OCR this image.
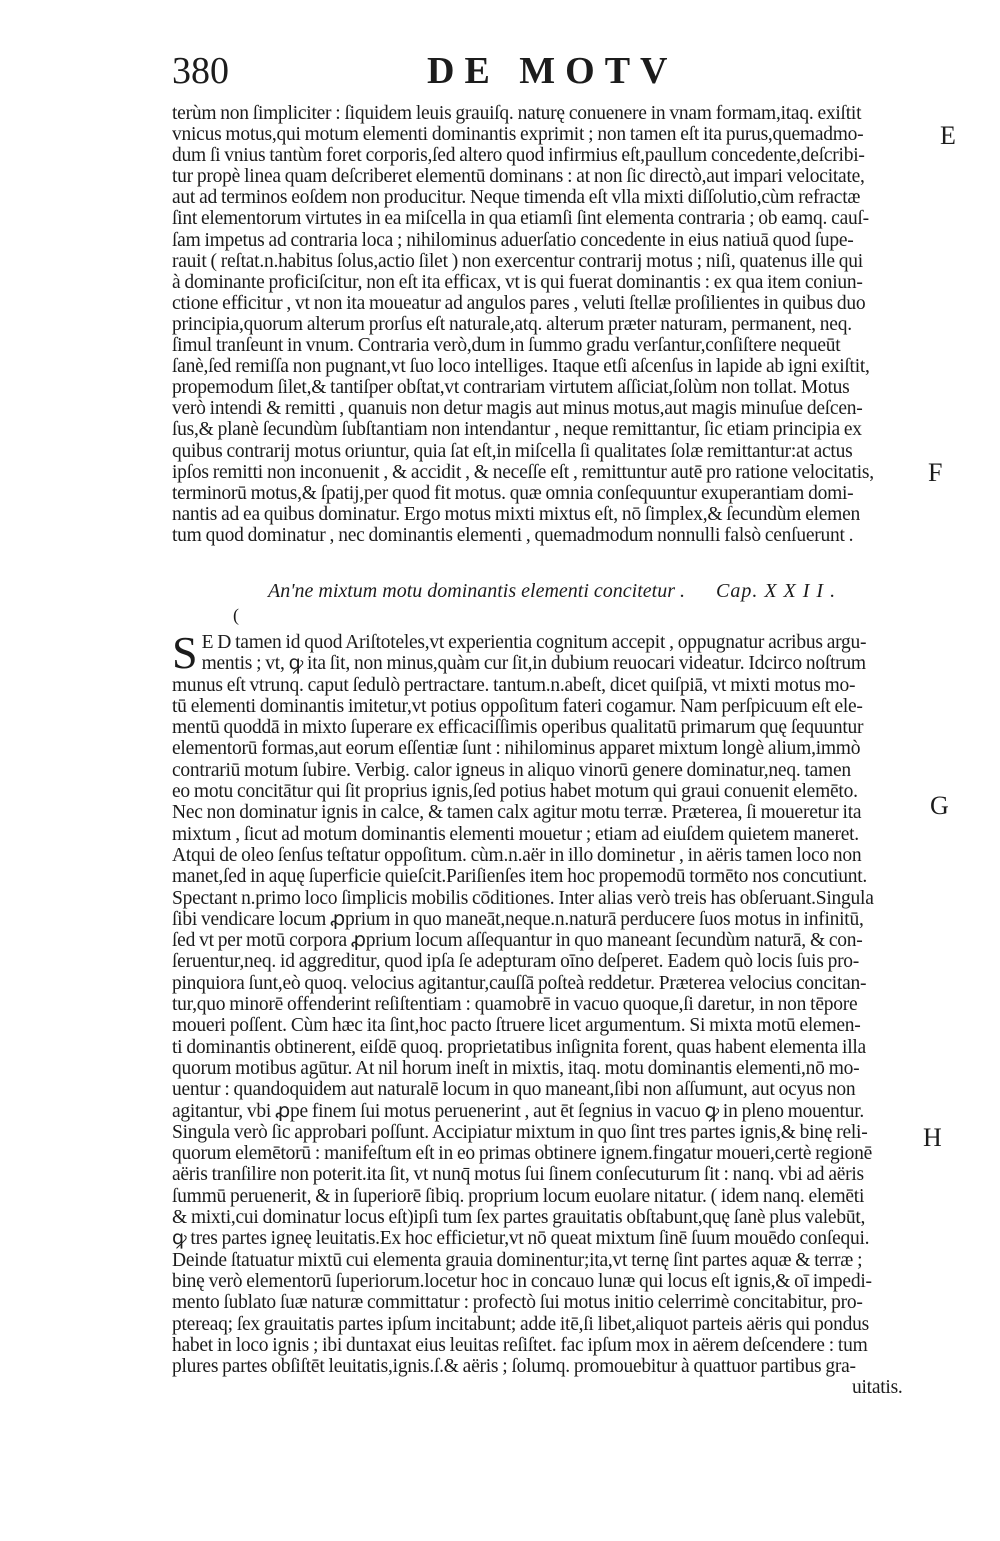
380	DE MOTV
terùm non ſimpliciter : ſiquidem leuis grauiſq. naturę conuenere in vnam formam,itaq. exiſtit
vnicus motus,qui motum elementi dominantis exprimit ; non tamen eſt ita purus,quemadmo-
dum ſi vnius tantùm foret corporis,ſed altero quod infirmius eſt,paullum concedente,deſcribi-
tur propè linea quam deſcriberet elementū dominans : at non ſic directò,aut impari velocitate,
aut ad terminos eoſdem non producitur. Neque timenda eſt vlla mixti diſſolutio,cùm refractæ
ſint elementorum virtutes in ea miſcella in qua etiamſi ſint elementa contraria ; ob eamq. cauſ-
ſam impetus ad contraria loca ; nihilominus aduerſatio concedente in eius natiuā quod ſupe-
rauit ( reſtat.n.habitus ſolus,actio ſilet ) non exercentur contrarij motus ; niſi, quatenus ille qui
à dominante proficiſcitur, non eſt ita efficax, vt is qui fuerat dominantis : ex qua item coniun-
ctione efficitur , vt non ita moueatur ad angulos pares , veluti ſtellæ proſilientes in quibus duo
principia,quorum alterum prorſus eſt naturale,atq. alterum præter naturam, permanent, neq.
ſimul tranſeunt in vnum. Contraria verò,dum in ſummo gradu verſantur,conſiſtere nequeūt
ſanè,ſed remiſſa non pugnant,vt ſuo loco intelliges. Itaque etſi aſcenſus in lapide ab igni exiſtit,
propemodum ſilet,& tantiſper obſtat,vt contrariam virtutem aſſiciat,ſolùm non tollat. Motus
verò intendi & remitti , quanuis non detur magis aut minus motus,aut magis minuſue deſcen-
ſus,& planè ſecundùm ſubſtantiam non intendantur , neque remittantur, ſic etiam principia ex
quibus contrarij motus oriuntur, quia ſat eſt,in miſcella ſi qualitates ſolæ remittantur:at actus
ipſos remitti non inconuenit , & accidit , & neceſſe eſt , remittuntur autē pro ratione velocitatis,
terminorū motus,& ſpatij,per quod fit motus. quæ omnia conſequuntur exuperantiam domi-
nantis ad ea quibus dominatur. Ergo motus mixti mixtus eſt, nō ſimplex,& ſecundùm elemen
tum quod dominatur , nec dominantis elementi , quemadmodum nonnulli falsò cenſuerunt .
An'ne mixtum motu dominantis elementi concitetur . Cap. X X I I .
(
S E D tamen id quod Ariſtoteles,vt experientia cognitum accepit , oppugnatur acribus argu-
mentis ; vt, ꝙ ita ſit, non minus,quàm cur ſit,in dubium reuocari videatur. Idcirco noſtrum
munus eſt vtrunq. caput ſedulò pertractare. tantum.n.abeſt, dicet quiſpiā, vt mixti motus mo-
tū elementi dominantis imitetur,vt potius oppoſitum fateri cogamur. Nam perſpicuum eſt ele-
mentū quoddā in mixto ſuperare ex efficaciſſimis operibus qualitatū primarum quę ſequuntur
elementorū formas,aut eorum eſſentiæ ſunt : nihilominus apparet mixtum longè alium,immò
contrariū motum ſubire. Verbig. calor igneus in aliquo vinorū genere dominatur,neq. tamen
eo motu concitātur qui ſit proprius ignis,ſed potius habet motum qui graui conuenit elemēto.
Nec non dominatur ignis in calce, & tamen calx agitur motu terræ. Præterea, ſi moueretur ita
mixtum , ſicut ad motum dominantis elementi mouetur ; etiam ad eiuſdem quietem maneret.
Atqui de oleo ſenſus teſtatur oppoſitum. cùm.n.aër in illo dominetur , in aëris tamen loco non
manet,ſed in aquę ſuperficie quieſcit.Pariſienſes item hoc propemodū tormēto nos concutiunt.
Spectant n.primo loco ſimplicis mobilis cōditiones. Inter alias verò treis has obſeruant.Singula
ſibi vendicare locum ꝓprium in quo maneāt,neque.n.naturā perducere ſuos motus in infinitū,
ſed vt per motū corpora ꝓprium locum aſſequantur in quo maneant ſecundùm naturā, & con-
ſeruentur,neq. id aggreditur, quod ipſa ſe adepturam oīno deſperet. Eadem quò locis ſuis pro-
pinquiora ſunt,eò quoq. velocius agitantur,cauſſā poſteà reddetur. Præterea velocius concitan-
tur,quo minorē offenderint reſiſtentiam : quamobrē in vacuo quoque,ſi daretur, in non tēpore
moueri poſſent. Cùm hæc ita ſint,hoc pacto ſtruere licet argumentum. Si mixta motū elemen-
ti dominantis obtinerent, eiſdē quoq. proprietatibus inſignita forent, quas habent elementa illa
quorum motibus agūtur. At nil horum ineſt in mixtis, itaq. motu dominantis elementi,nō mo-
uentur : quandoquidem aut naturalē locum in quo maneant,ſibi non aſſumunt, aut ocyus non
agitantur, vbi ꝓpe finem ſui motus peruenerint , aut ēt ſegnius in vacuo ꝙ in pleno mouentur.
Singula verò ſic approbari poſſunt. Accipiatur mixtum in quo ſint tres partes ignis,& binę reli-
quorum elemētorū : manifeſtum eſt in eo primas obtinere ignem.fingatur moueri,certè regionē
aëris tranſilire non poterit.ita ſit, vt nunq̄ motus ſui ſinem conſecuturum ſit : nanq. vbi ad aëris
ſummū peruenerit, & in ſuperiorē ſibiq. proprium locum euolare nitatur. ( idem nanq. elemēti
& mixti,cui dominatur locus eſt)ipſi tum ſex partes grauitatis obſtabunt,quę ſanè plus valebūt,
ꝙ tres partes igneę leuitatis.Ex hoc efficietur,vt nō queat mixtum ſinē ſuum mouēdo conſequi.
Deinde ſtatuatur mixtū cui elementa grauia dominentur;ita,vt ternę ſint partes aquæ & terræ ;
binę verò elementorū ſuperiorum.locetur hoc in concauo lunæ qui locus eſt ignis,& oī impedi-
mento ſublato ſuæ naturæ committatur : profectò ſui motus initio celerrimè concitabitur, pro-
ptereaq; ſex grauitatis partes ipſum incitabunt; adde itē,ſi libet,aliquot parteis aëris qui pondus
habet in loco ignis ; ibi duntaxat eius leuitas reſiſtet. fac ipſum mox in aërem deſcendere : tum
plures partes obſiſtēt leuitatis,ignis.ſ.& aëris ; ſolumq. promouebitur à quattuor partibus gra-
uitatis.
E
F
G
H
